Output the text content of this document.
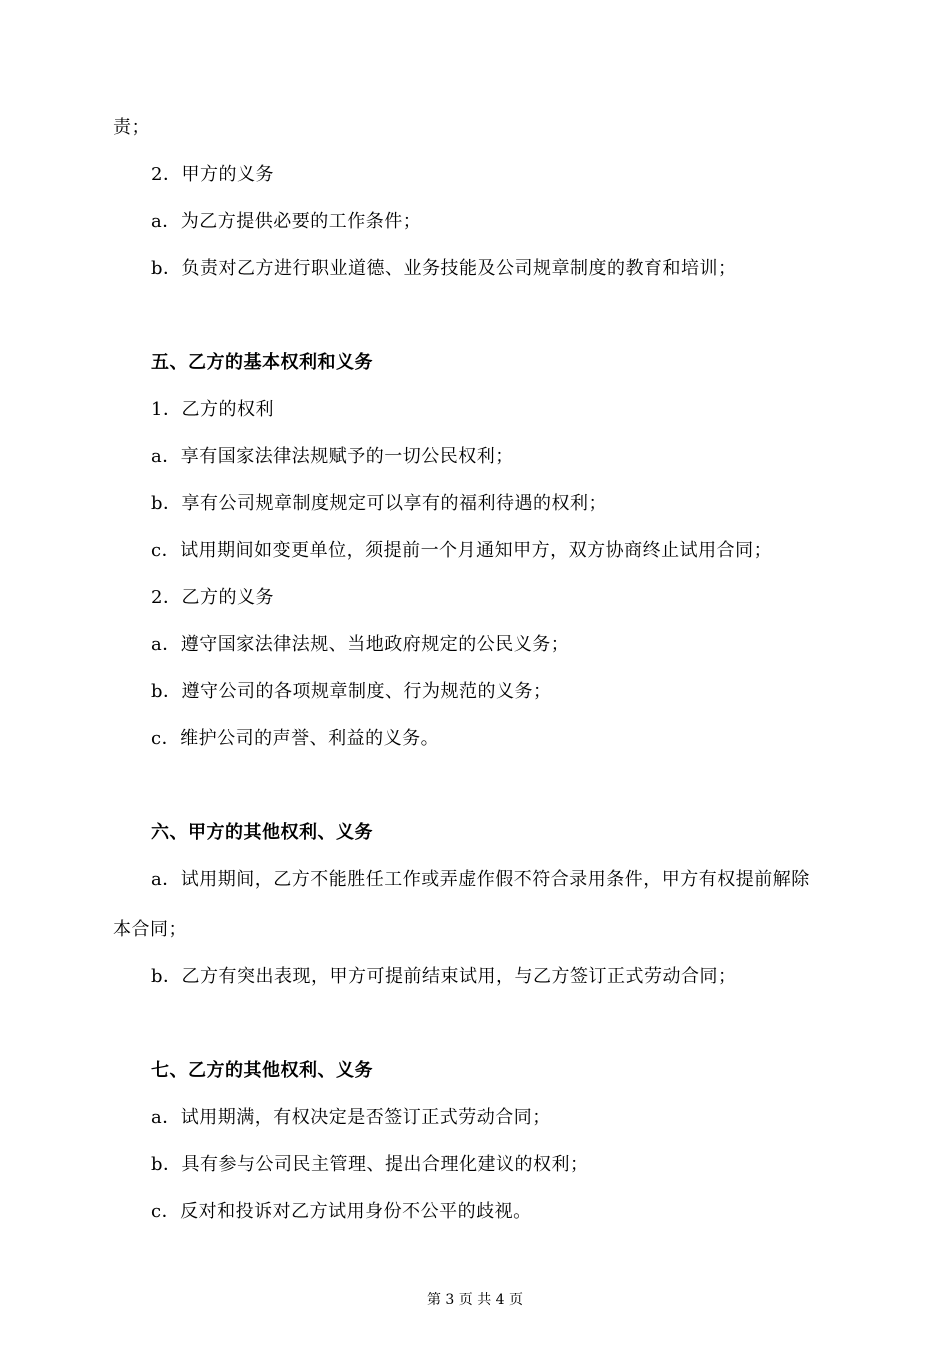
责；
2．甲方的义务
a．为乙方提供必要的工作条件；
b．负责对乙方进行职业道德、业务技能及公司规章制度的教育和培训；
五、乙方的基本权利和义务
1．乙方的权利
a．享有国家法律法规赋予的一切公民权利；
b．享有公司规章制度规定可以享有的福利待遇的权利；
c．试用期间如变更单位，须提前一个月通知甲方，双方协商终止试用合同；
2．乙方的义务
a．遵守国家法律法规、当地政府规定的公民义务；
b．遵守公司的各项规章制度、行为规范的义务；
c．维护公司的声誉、利益的义务。
六、甲方的其他权利、义务
a．试用期间，乙方不能胜任工作或弄虚作假不符合录用条件，甲方有权提前解除
本合同；
b．乙方有突出表现，甲方可提前结束试用，与乙方签订正式劳动合同；
七、乙方的其他权利、义务
a．试用期满，有权决定是否签订正式劳动合同；
b．具有参与公司民主管理、提出合理化建议的权利；
c．反对和投诉对乙方试用身份不公平的歧视。
第 3 页 共 4 页
